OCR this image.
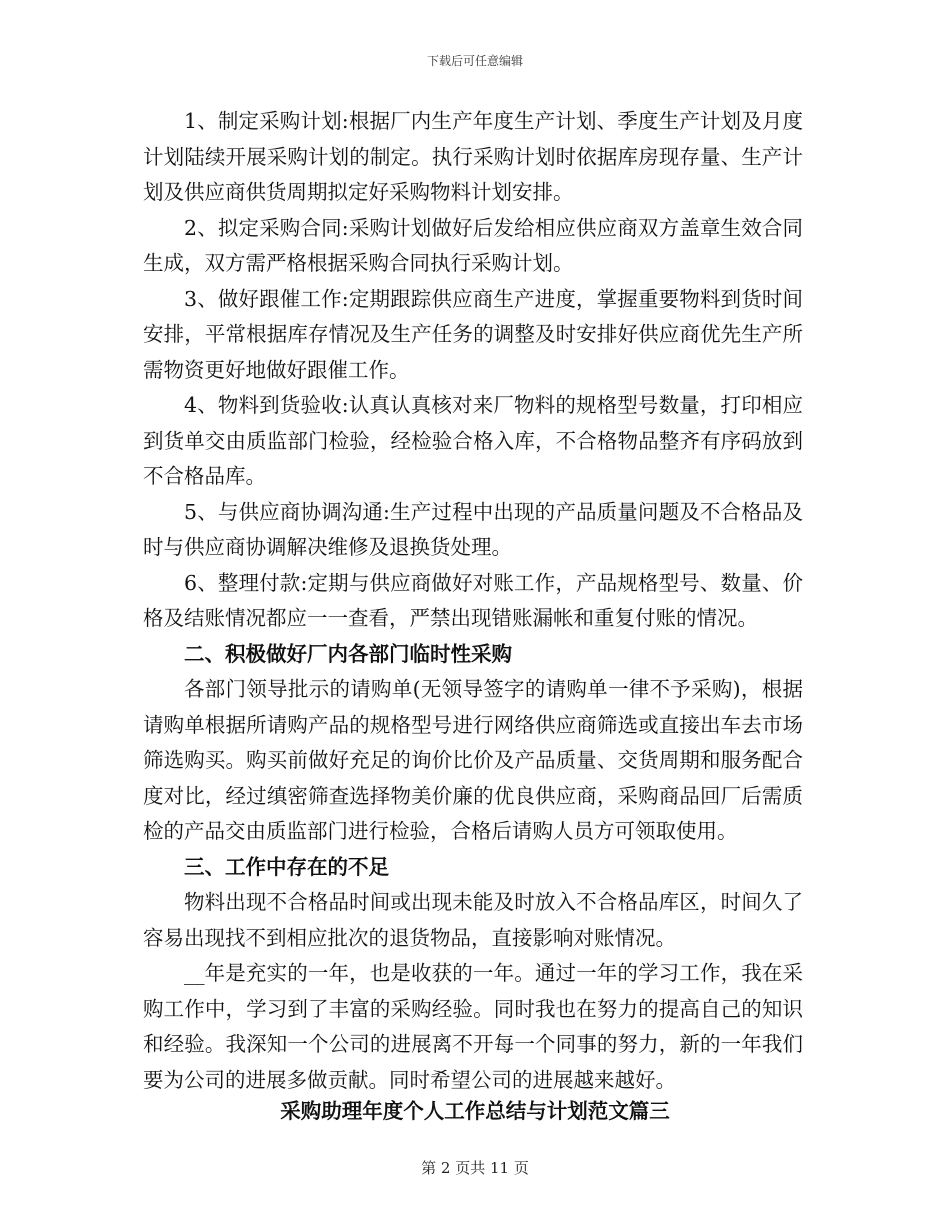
下载后可任意编辑

1、制定采购计划:根据厂内生产年度生产计划、季度生产计划及月度计划陆续开展采购计划的制定。执行采购计划时依据库房现存量、生产计划及供应商供货周期拟定好采购物料计划安排。

2、拟定采购合同:采购计划做好后发给相应供应商双方盖章生效合同生成，双方需严格根据采购合同执行采购计划。

3、做好跟催工作:定期跟踪供应商生产进度，掌握重要物料到货时间安排，平常根据库存情况及生产任务的调整及时安排好供应商优先生产所需物资更好地做好跟催工作。

4、物料到货验收:认真认真核对来厂物料的规格型号数量，打印相应到货单交由质监部门检验，经检验合格入库，不合格物品整齐有序码放到不合格品库。

5、与供应商协调沟通:生产过程中出现的产品质量问题及不合格品及时与供应商协调解决维修及退换货处理。

6、整理付款:定期与供应商做好对账工作，产品规格型号、数量、价格及结账情况都应一一查看，严禁出现错账漏帐和重复付账的情况。

二、积极做好厂内各部门临时性采购

各部门领导批示的请购单(无领导签字的请购单一律不予采购)，根据请购单根据所请购产品的规格型号进行网络供应商筛选或直接出车去市场筛选购买。购买前做好充足的询价比价及产品质量、交货周期和服务配合度对比，经过缜密筛查选择物美价廉的优良供应商，采购商品回厂后需质检的产品交由质监部门进行检验，合格后请购人员方可领取使用。

三、工作中存在的不足

物料出现不合格品时间或出现未能及时放入不合格品库区，时间久了容易出现找不到相应批次的退货物品，直接影响对账情况。

__年是充实的一年，也是收获的一年。通过一年的学习工作，我在采购工作中，学习到了丰富的采购经验。同时我也在努力的提高自己的知识和经验。我深知一个公司的进展离不开每一个同事的努力，新的一年我们要为公司的进展多做贡献。同时希望公司的进展越来越好。

采购助理年度个人工作总结与计划范文篇三
第 2 页共 11 页
